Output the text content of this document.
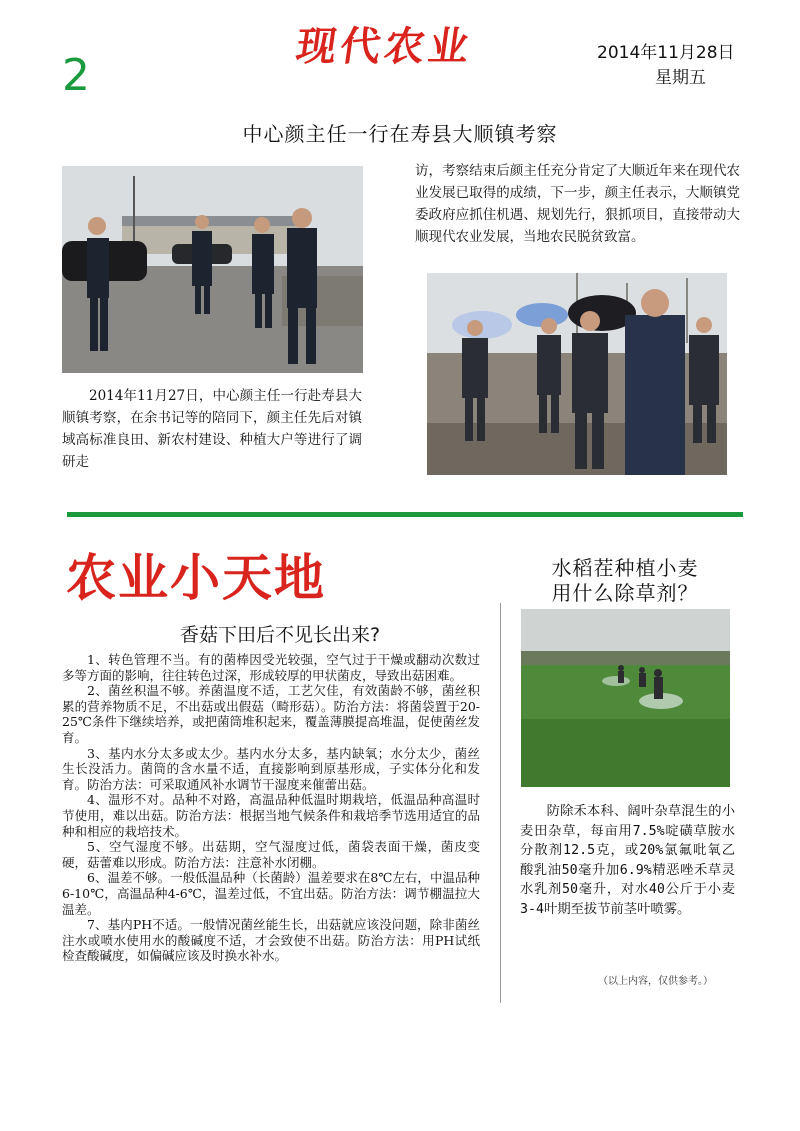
2
现代农业	2014年11月28日
星期五
中心颜主任一行在寿县大顺镇考察
2014年11月27日，中心颜主任一行赴寿县大顺镇考察，在余书记等的陪同下，颜主任先后对镇域高标准良田、新农村建设、种植大户等进行了调研走
访，考察结束后颜主任充分肯定了大顺近年来在现代农业发展已取得的成绩，下一步，颜主任表示，大顺镇党委政府应抓住机遇、规划先行，狠抓项目，直接带动大顺现代农业发展，当地农民脱贫致富。
农业小天地
香菇下田后不见长出来?

1、转色管理不当。有的菌棒因受光较强，空气过于干燥或翻动次数过多等方面的影响，往往转色过深，形成较厚的甲状菌皮，导致出菇困难。

2、菌丝积温不够。养菌温度不适，工艺欠佳，有效菌龄不够，菌丝积累的营养物质不足，不出菇或出假菇（畸形菇）。防治方法：将菌袋置于20-25℃条件下继续培养，或把菌筒堆积起来，覆盖薄膜提高堆温，促使菌丝发育。

3、基内水分太多或太少。基内水分太多，基内缺氧；水分太少，菌丝生长没活力。菌筒的含水量不适，直接影响到原基形成，子实体分化和发育。防治方法：可采取通风补水调节干湿度来催蕾出菇。

4、温形不对。品种不对路，高温品种低温时期栽培，低温品种高温时节使用，难以出菇。防治方法：根据当地气候条件和栽培季节选用适宜的品种和相应的栽培技术。

5、空气湿度不够。出菇期，空气湿度过低，菌袋表面干燥，菌皮变硬，菇蕾难以形成。防治方法：注意补水闭棚。

6、温差不够。一般低温品种（长菌龄）温差要求在8℃左右，中温品种6-10℃，高温品种4-6℃，温差过低，不宜出菇。防治方法：调节棚温拉大温差。

7、基内PH不适。一般情况菌丝能生长，出菇就应该没问题，除非菌丝注水或喷水使用水的酸碱度不适，才会致使不出菇。防治方法：用PH试纸检查酸碱度，如偏碱应该及时换水补水。

水稻茬种植小麦
用什么除草剂？
防除禾本科、阔叶杂草混生的小麦田杂草，每亩用7.5%啶磺草胺水分散剂12.5克，或20%氯氟吡氧乙酸乳油50毫升加6.9%精恶唑禾草灵水乳剂50毫升，对水40公斤于小麦3-4叶期至拔节前茎叶喷雾。
（以上内容，仅供参考。）
